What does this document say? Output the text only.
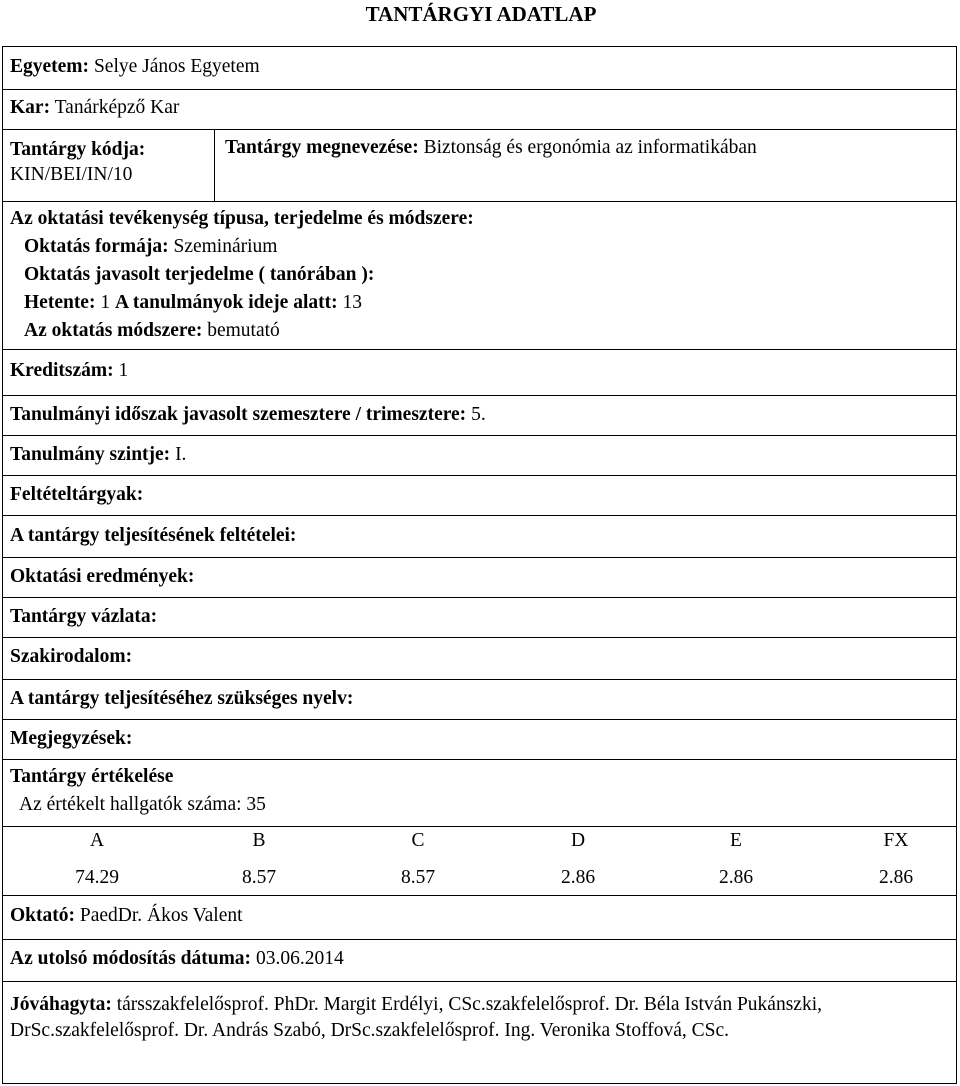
TANTÁRGYI ADATLAP
Egyetem: Selye János Egyetem
Kar: Tanárképző Kar
Tantárgy kódja:
KIN/BEI/IN/10
Tantárgy megnevezése: Biztonság és ergonómia az informatikában
Az oktatási tevékenység típusa, terjedelme és módszere:
Oktatás formája: Szeminárium
Oktatás javasolt terjedelme ( tanórában ):
Hetente: 1 A tanulmányok ideje alatt: 13
Az oktatás módszere: bemutató
Kreditszám: 1
Tanulmányi időszak javasolt szemesztere / trimesztere: 5.
Tanulmány szintje: I.
Feltételtárgyak:
A tantárgy teljesítésének feltételei:
Oktatási eredmények:
Tantárgy vázlata:
Szakirodalom:
A tantárgy teljesítéséhez szükséges nyelv:
Megjegyzések:
Tantárgy értékelése
Az értékelt hallgatók száma: 35
A	B	C	D	E	FX
74.29	8.57	8.57	2.86	2.86	2.86
Oktató: PaedDr. Ákos Valent
Az utolsó módosítás dátuma: 03.06.2014
Jóváhagyta: társszakfelelősprof. PhDr. Margit Erdélyi, CSc.szakfelelősprof. Dr. Béla István Pukánszki, DrSc.szakfelelősprof. Dr. András Szabó, DrSc.szakfelelősprof. Ing. Veronika Stoffová, CSc.
